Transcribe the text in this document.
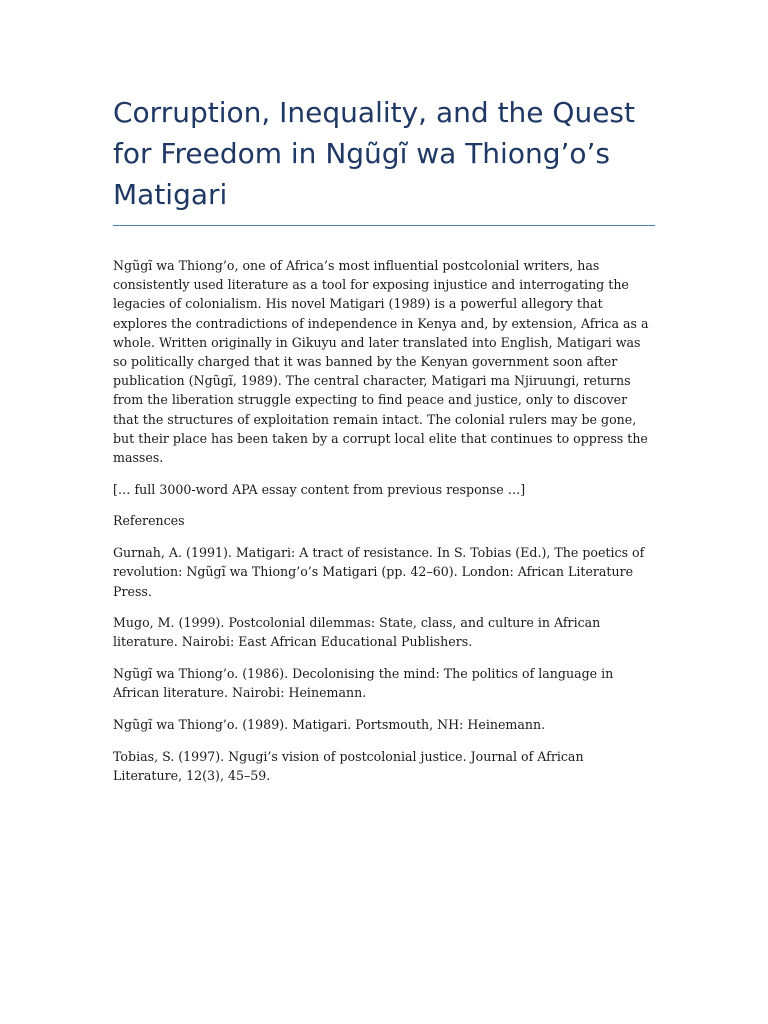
Corruption, Inequality, and the Quest for Freedom in Ngũgĩ wa Thiong’o’s Matigari

Ngũgĩ wa Thiong’o, one of Africa’s most influential postcolonial writers, has consistently used literature as a tool for exposing injustice and interrogating the legacies of colonialism. His novel Matigari (1989) is a powerful allegory that explores the contradictions of independence in Kenya and, by extension, Africa as a whole. Written originally in Gikuyu and later translated into English, Matigari was so politically charged that it was banned by the Kenyan government soon after publication (Ngũgĩ, 1989). The central character, Matigari ma Njiruungi, returns from the liberation struggle expecting to find peace and justice, only to discover that the structures of exploitation remain intact. The colonial rulers may be gone, but their place has been taken by a corrupt local elite that continues to oppress the masses.

[… full 3000-word APA essay content from previous response …]

References

Gurnah, A. (1991). Matigari: A tract of resistance. In S. Tobias (Ed.), The poetics of revolution: Ngũgĩ wa Thiong’o’s Matigari (pp. 42–60). London: African Literature Press.

Mugo, M. (1999). Postcolonial dilemmas: State, class, and culture in African literature. Nairobi: East African Educational Publishers.

Ngũgĩ wa Thiong’o. (1986). Decolonising the mind: The politics of language in African literature. Nairobi: Heinemann.

Ngũgĩ wa Thiong’o. (1989). Matigari. Portsmouth, NH: Heinemann.

Tobias, S. (1997). Ngugi’s vision of postcolonial justice. Journal of African Literature, 12(3), 45–59.
